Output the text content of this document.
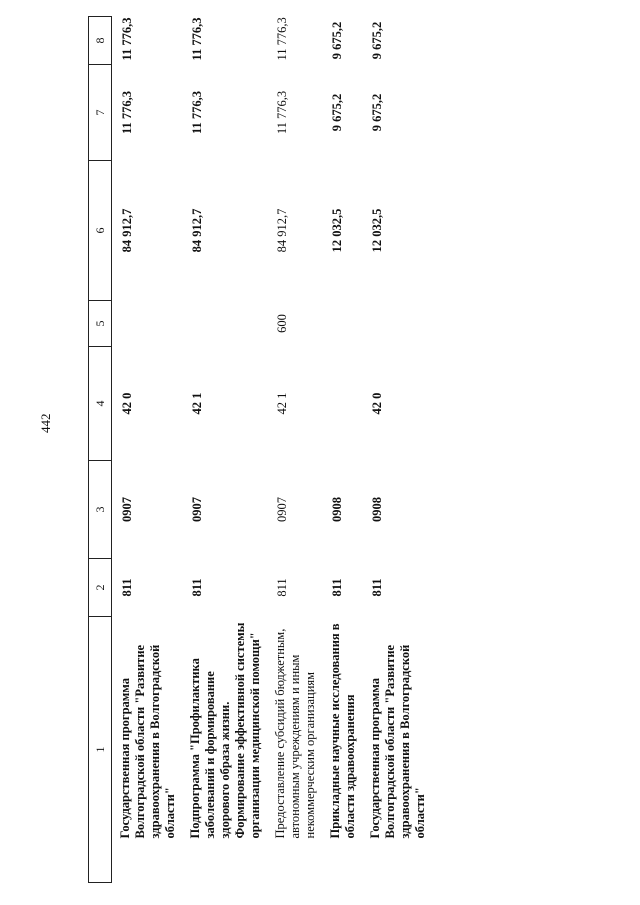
442
1	2	3	4	5	6	7	8
Государственная программа Волгоградской области "Развитие здравоохранения в Волгоградской области"	811	0907	42 0		84 912,7	11 776,3	11 776,3
Подпрограмма "Профилактика заболеваний и формирование здорового образа жизни. Формирование эффективной системы организации медицинской помощи"	811	0907	42 1		84 912,7	11 776,3	11 776,3
Предоставление субсидий бюджетным, автономным учреждениям и иным некоммерческим организациям	811	0907	42 1	600	84 912,7	11 776,3	11 776,3
Прикладные научные исследования в области здравоохранения	811	0908			12 032,5	9 675,2	9 675,2
Государственная программа Волгоградской области "Развитие здравоохранения в Волгоградской области"	811	0908	42 0		12 032,5	9 675,2	9 675,2
